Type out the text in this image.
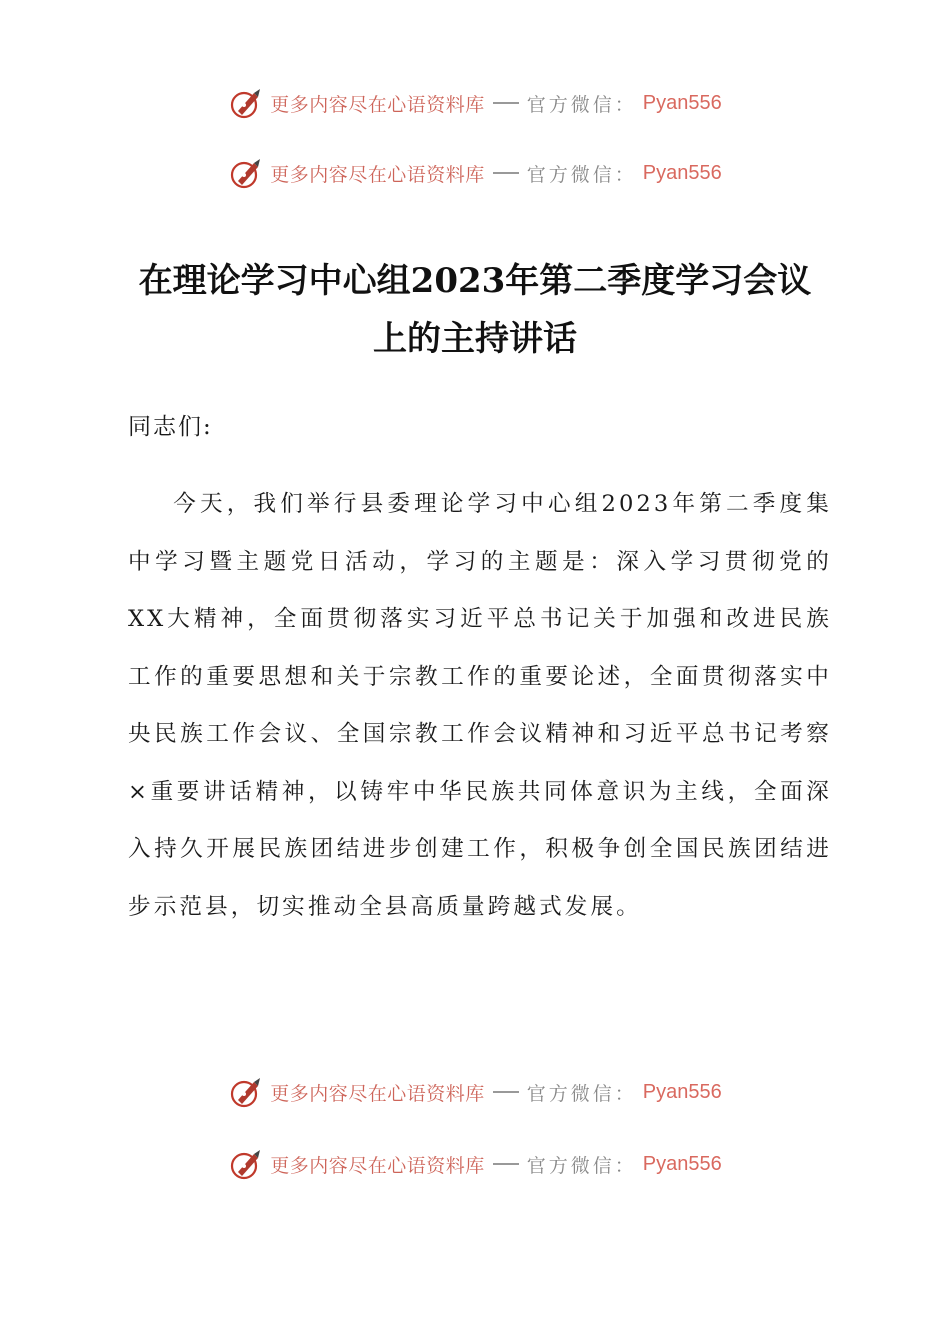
更多内容尽在心语资料库 官方微信： Pyan556
更多内容尽在心语资料库 官方微信： Pyan556
在理论学习中心组2023年第二季度学习会议
上的主持讲话

同志们:

今天，我们举行县委理论学习中心组2023年第二季度集中学习暨主题党日活动，学习的主题是：深入学习贯彻党的XX大精神，全面贯彻落实习近平总书记关于加强和改进民族工作的重要思想和关于宗教工作的重要论述，全面贯彻落实中央民族工作会议、全国宗教工作会议精神和习近平总书记考察×重要讲话精神，以铸牢中华民族共同体意识为主线，全面深入持久开展民族团结进步创建工作，积极争创全国民族团结进步示范县，切实推动全县高质量跨越式发展。

更多内容尽在心语资料库 官方微信： Pyan556
更多内容尽在心语资料库 官方微信： Pyan556
